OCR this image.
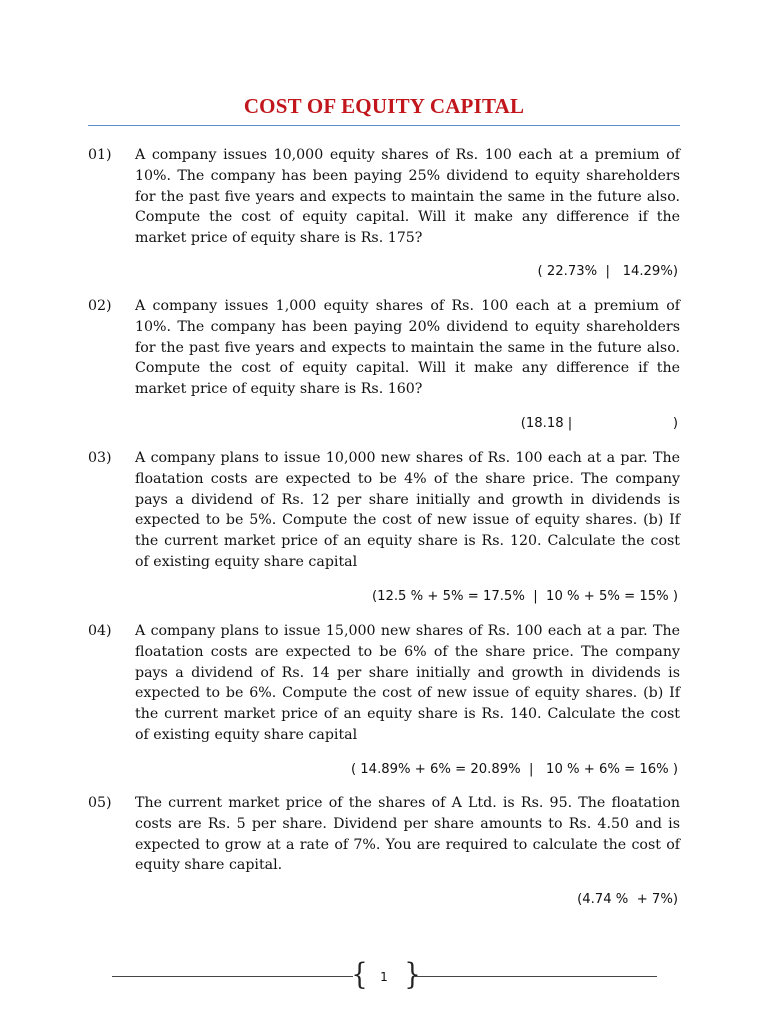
COST OF EQUITY CAPITAL
01) A company issues 10,000 equity shares of Rs. 100 each at a premium of 10%. The company has been paying 25% dividend to equity shareholders for the past five years and expects to maintain the same in the future also. Compute the cost of equity capital. Will it make any difference if the market price of equity share is Rs. 175?
( 22.73%  |   14.29%)
02) A company issues 1,000 equity shares of Rs. 100 each at a premium of 10%. The company has been paying 20% dividend to equity shareholders for the past five years and expects to maintain the same in the future also. Compute the cost of equity capital. Will it make any difference if the market price of equity share is Rs. 160?
(18.18 |                        )
03) A company plans to issue 10,000 new shares of Rs. 100 each at a par. The floatation costs are expected to be 4% of the share price. The company pays a dividend of Rs. 12 per share initially and growth in dividends is expected to be 5%. Compute the cost of new issue of equity shares. (b) If the current market price of an equity share is Rs. 120. Calculate the cost of existing equity share capital
(12.5 % + 5% = 17.5%  |  10 % + 5% = 15% )
04) A company plans to issue 15,000 new shares of Rs. 100 each at a par. The floatation costs are expected to be 6% of the share price. The company pays a dividend of Rs. 14 per share initially and growth in dividends is expected to be 6%. Compute the cost of new issue of equity shares. (b) If the current market price of an equity share is Rs. 140. Calculate the cost of existing equity share capital
( 14.89% + 6% = 20.89%  |   10 % + 6% = 16% )
05) The current market price of the shares of A Ltd. is Rs. 95. The floatation costs are Rs. 5 per share. Dividend per share amounts to Rs. 4.50 and is expected to grow at a rate of 7%. You are required to calculate the cost of equity share capital.
(4.74 %  + 7%)
{	1 }
